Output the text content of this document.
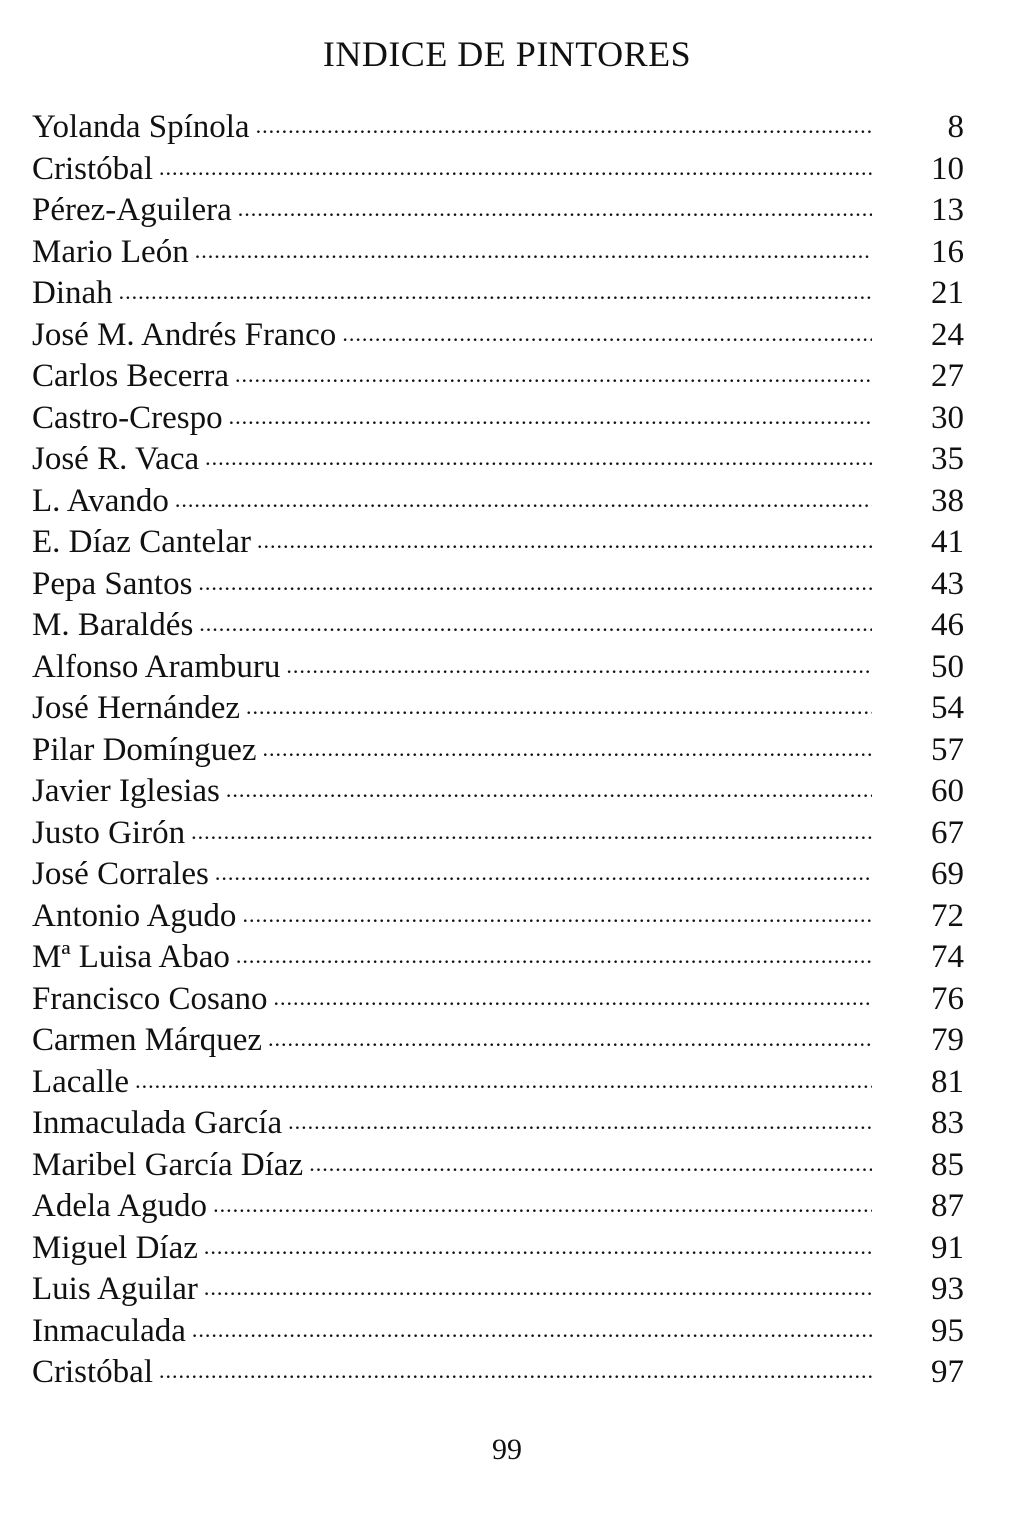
INDICE DE PINTORES
Yolanda Spínola .....	8
Cristóbal .....	10
Pérez-Aguilera .....	13
Mario León .....	16
Dinah .....	21
José M. Andrés Franco .....	24
Carlos Becerra .....	27
Castro-Crespo .....	30
José R. Vaca .....	35
L. Avando .....	38
E. Díaz Cantelar .....	41
Pepa Santos .....	43
M. Baraldés .....	46
Alfonso Aramburu .....	50
José Hernández .....	54
Pilar Domínguez .....	57
Javier Iglesias .....	60
Justo Girón .....	67
José Corrales .....	69
Antonio Agudo .....	72
Mª Luisa Abao .....	74
Francisco Cosano .....	76
Carmen Márquez .....	79
Lacalle .....	81
Inmaculada García .....	83
Maribel García Díaz .....	85
Adela Agudo .....	87
Miguel Díaz .....	91
Luis Aguilar .....	93
Inmaculada .....	95
Cristóbal .....	97
99
